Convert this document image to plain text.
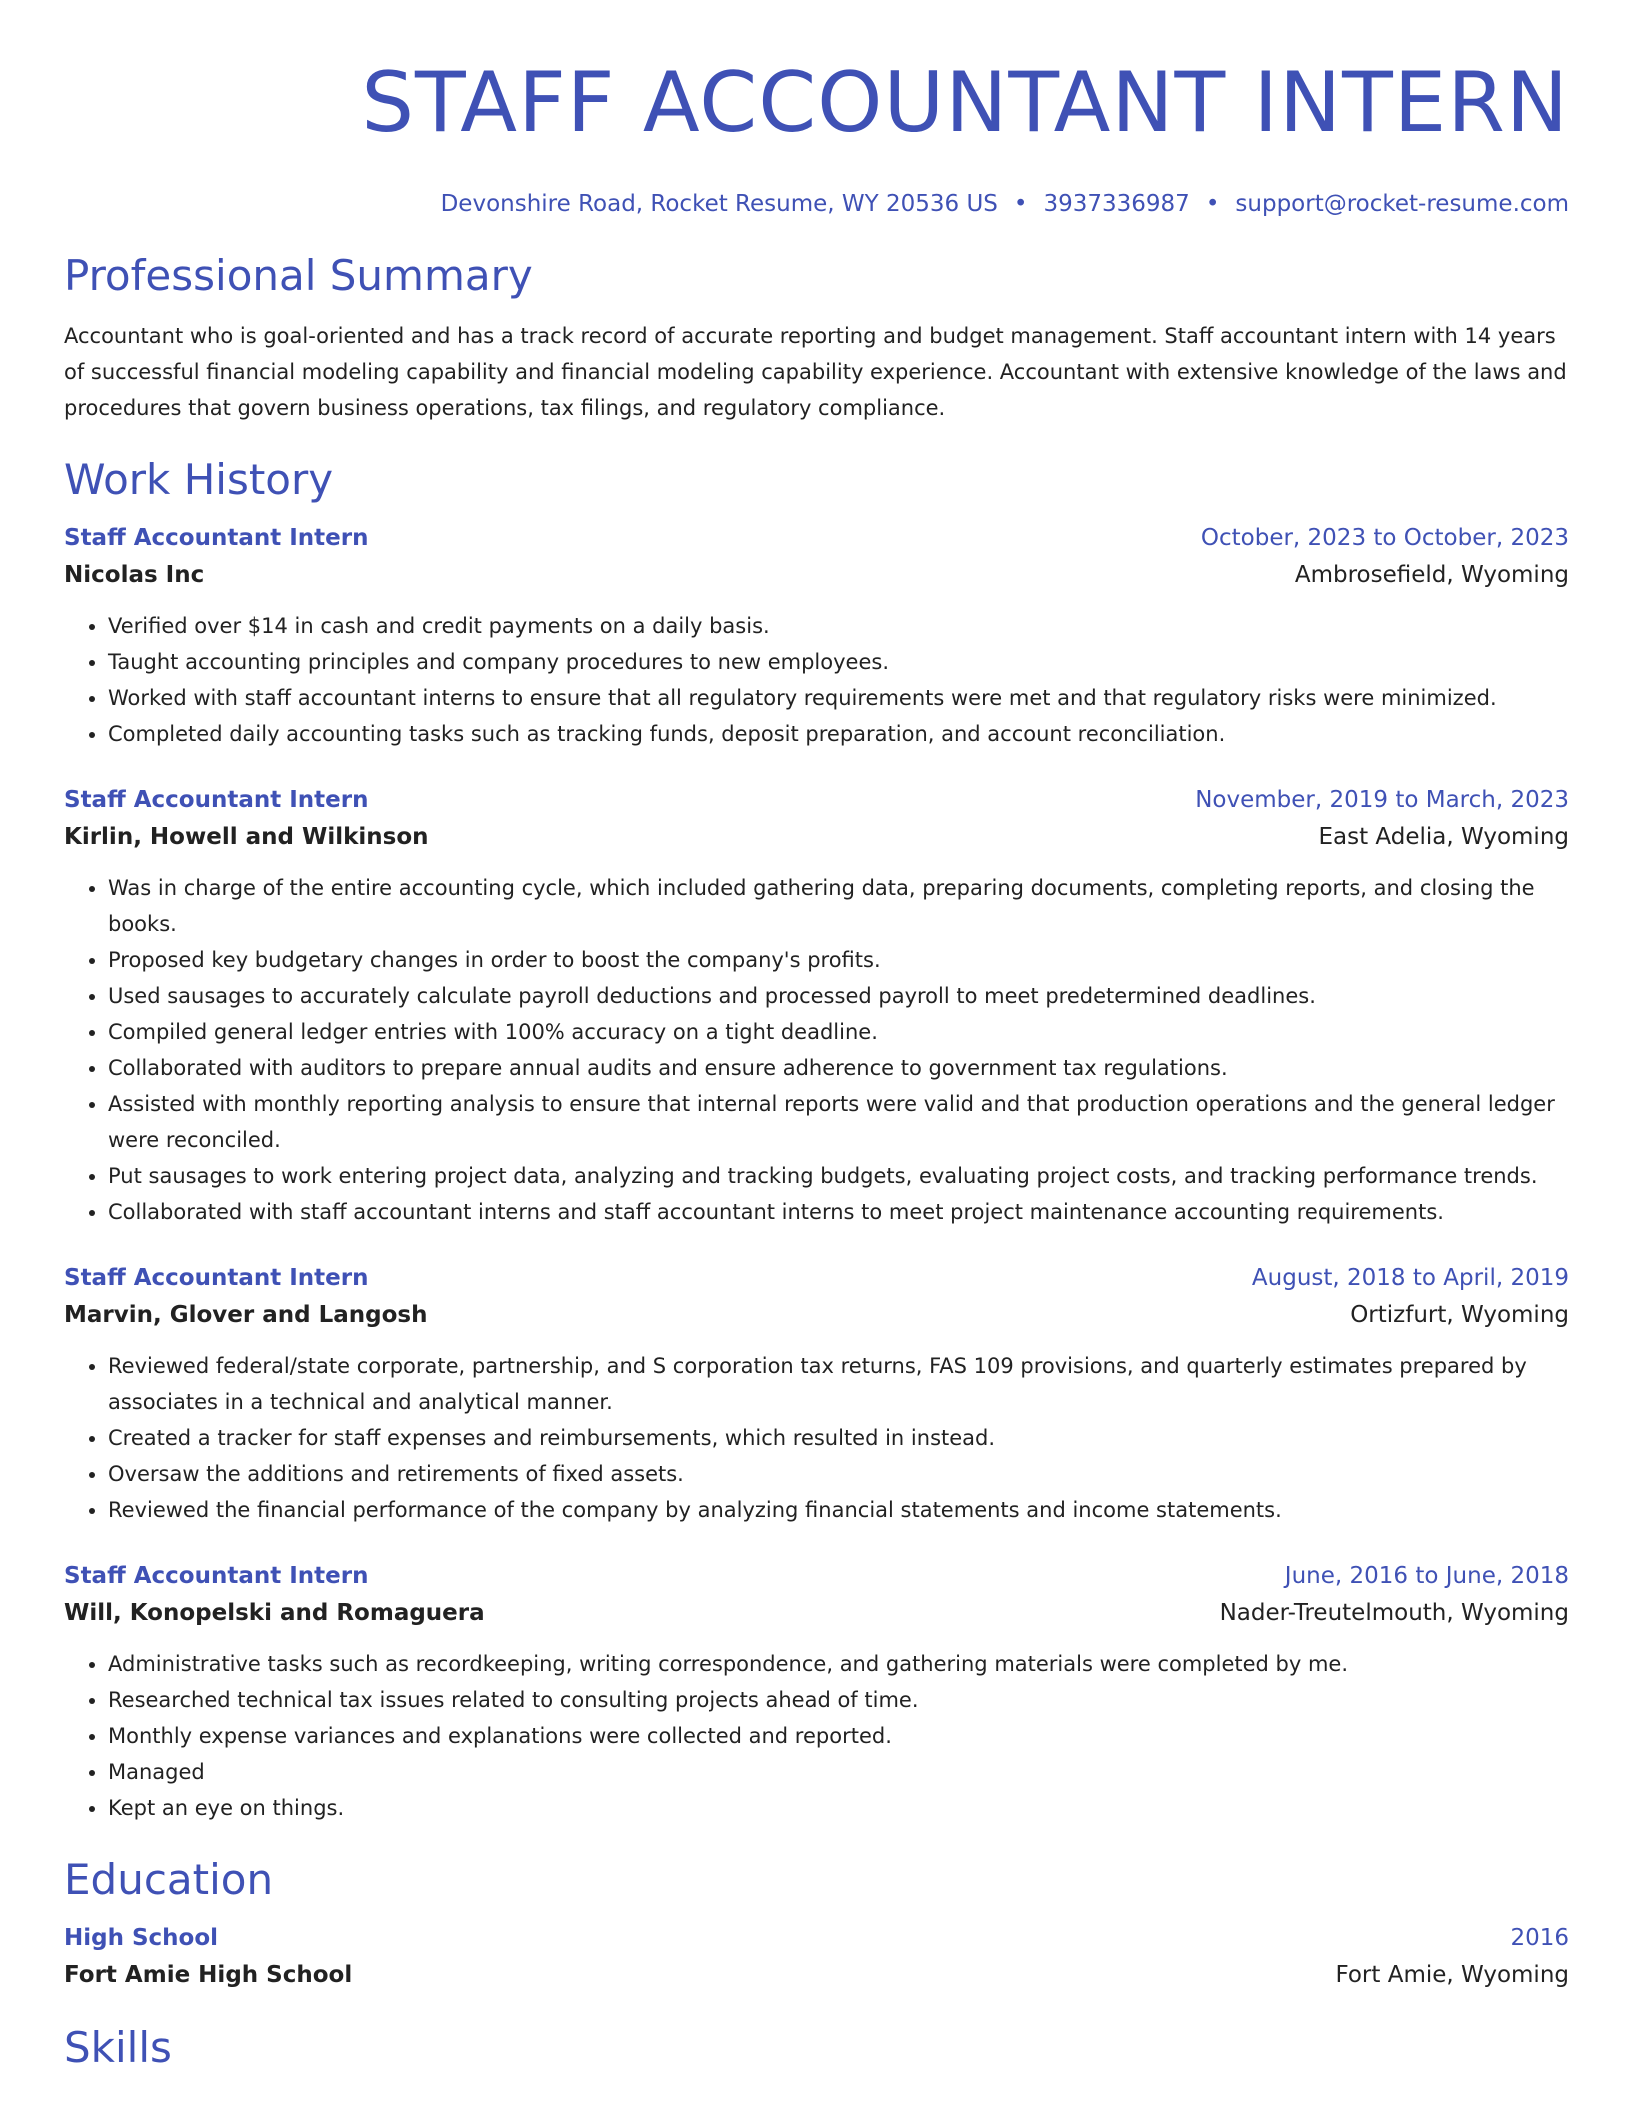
STAFF ACCOUNTANT INTERN
Devonshire Road, Rocket Resume, WY 20536 US • 3937336987 • support@rocket-resume.com
Professional Summary

Accountant who is goal-oriented and has a track record of accurate reporting and budget management. Staff accountant intern with 14 years of successful financial modeling capability and financial modeling capability experience. Accountant with extensive knowledge of the laws and procedures that govern business operations, tax filings, and regulatory compliance.

Work History
Staff Accountant Intern	October, 2023 to October, 2023
Nicolas Inc	Ambrosefield, Wyoming
• Verified over $14 in cash and credit payments on a daily basis.
• Taught accounting principles and company procedures to new employees.
• Worked with staff accountant interns to ensure that all regulatory requirements were met and that regulatory risks were minimized.
• Completed daily accounting tasks such as tracking funds, deposit preparation, and account reconciliation.
Staff Accountant Intern	November, 2019 to March, 2023
Kirlin, Howell and Wilkinson	East Adelia, Wyoming
• Was in charge of the entire accounting cycle, which included gathering data, preparing documents, completing reports, and closing the books.
• Proposed key budgetary changes in order to boost the company's profits.
• Used sausages to accurately calculate payroll deductions and processed payroll to meet predetermined deadlines.
• Compiled general ledger entries with 100% accuracy on a tight deadline.
• Collaborated with auditors to prepare annual audits and ensure adherence to government tax regulations.
• Assisted with monthly reporting analysis to ensure that internal reports were valid and that production operations and the general ledger were reconciled.
• Put sausages to work entering project data, analyzing and tracking budgets, evaluating project costs, and tracking performance trends.
• Collaborated with staff accountant interns and staff accountant interns to meet project maintenance accounting requirements.
Staff Accountant Intern	August, 2018 to April, 2019
Marvin, Glover and Langosh	Ortizfurt, Wyoming
• Reviewed federal/state corporate, partnership, and S corporation tax returns, FAS 109 provisions, and quarterly estimates prepared by associates in a technical and analytical manner.
• Created a tracker for staff expenses and reimbursements, which resulted in instead.
• Oversaw the additions and retirements of fixed assets.
• Reviewed the financial performance of the company by analyzing financial statements and income statements.
Staff Accountant Intern	June, 2016 to June, 2018
Will, Konopelski and Romaguera	Nader-Treutelmouth, Wyoming
• Administrative tasks such as recordkeeping, writing correspondence, and gathering materials were completed by me.
• Researched technical tax issues related to consulting projects ahead of time.
• Monthly expense variances and explanations were collected and reported.
• Managed
• Kept an eye on things.
Education
High School	2016
Fort Amie High School	Fort Amie, Wyoming
Skills
